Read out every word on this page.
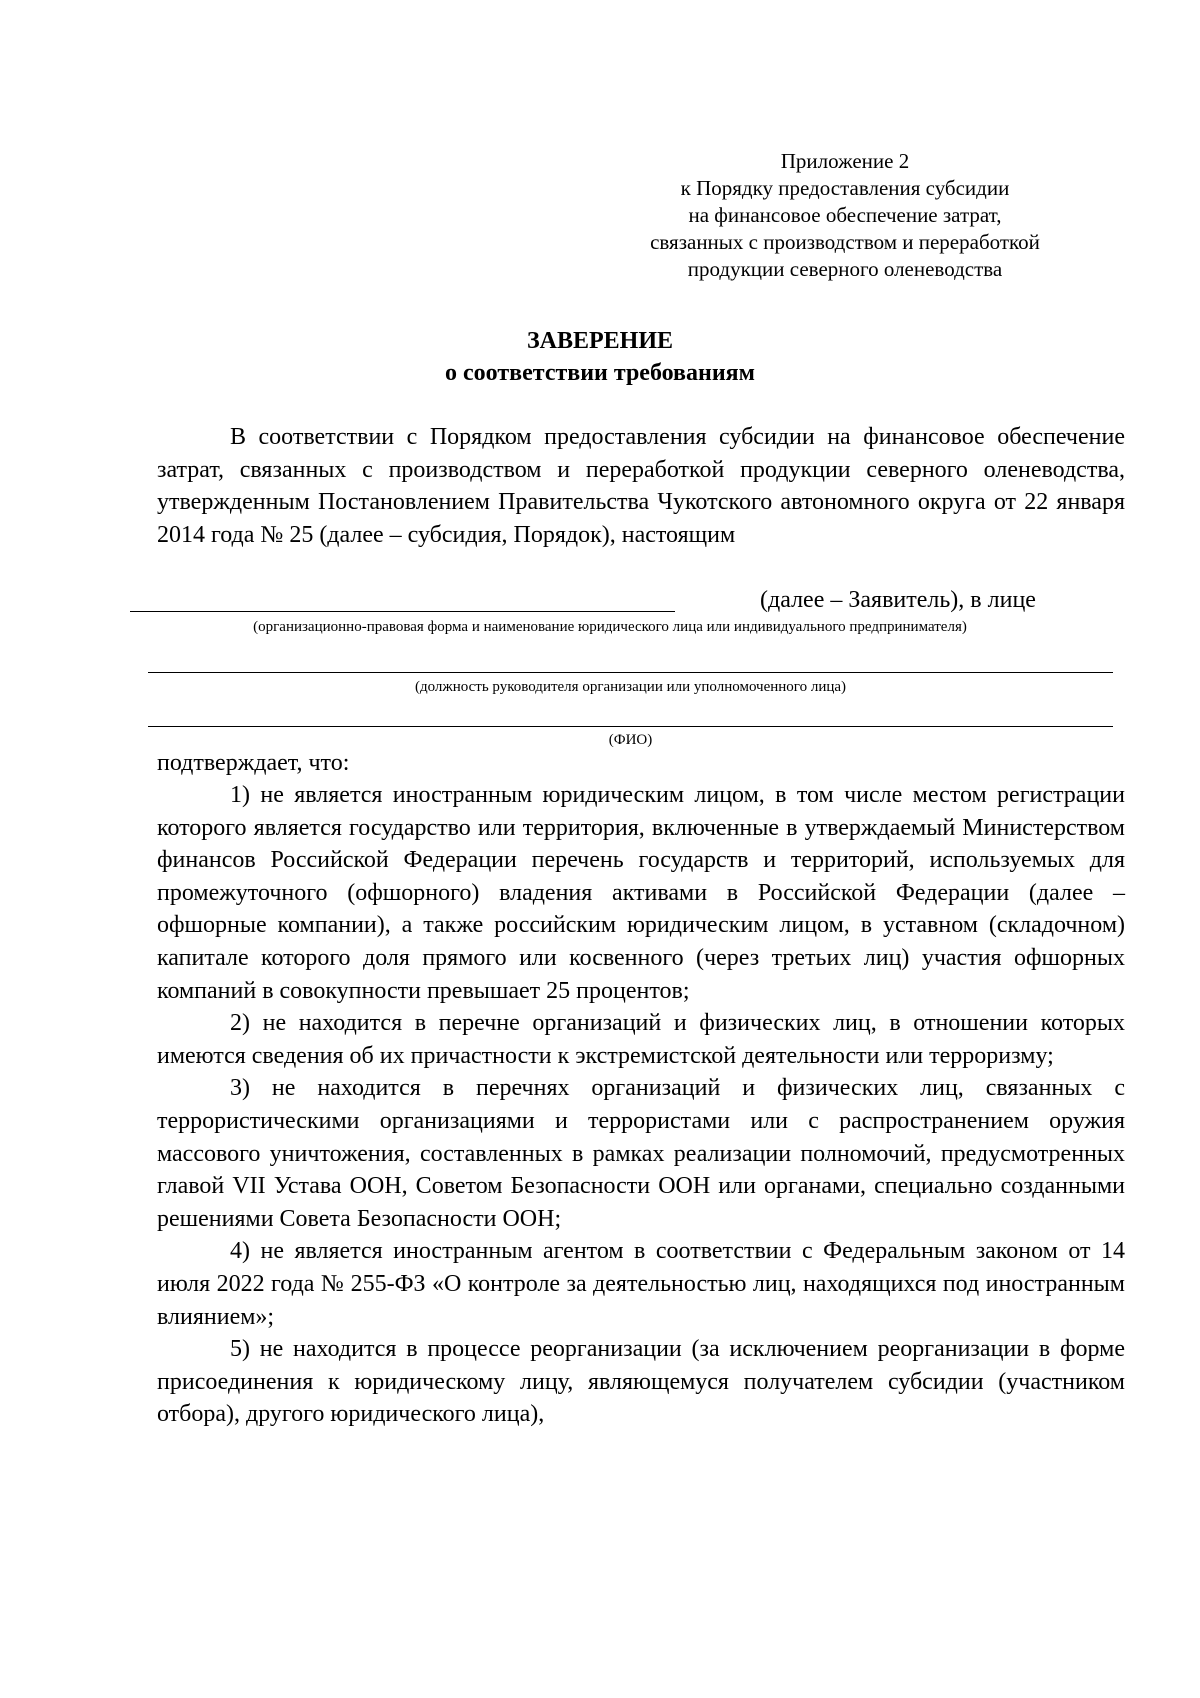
Приложение 2
к Порядку предоставления субсидии
на финансовое обеспечение затрат,
связанных с производством и переработкой
продукции северного оленеводства
ЗАВЕРЕНИЕ
о соответствии требованиям
В соответствии с Порядком предоставления субсидии на финансовое обеспечение затрат, связанных с производством и переработкой продукции северного оленеводства, утвержденным Постановлением Правительства Чукотского автономного округа от 22 января 2014 года № 25 (далее – субсидия, Порядок), настоящим
(далее – Заявитель), в лице
(организационно-правовая форма и наименование юридического лица или индивидуального предпринимателя)
(должность руководителя организации или уполномоченного лица)
(ФИО)
подтверждает, что:

1) не является иностранным юридическим лицом, в том числе местом регистрации которого является государство или территория, включенные в утверждаемый Министерством финансов Российской Федерации перечень государств и территорий, используемых для промежуточного (офшорного) владения активами в Российской Федерации (далее – офшорные компании), а также российским юридическим лицом, в уставном (складочном) капитале которого доля прямого или косвенного (через третьих лиц) участия офшорных компаний в совокупности превышает 25 процентов;

2) не находится в перечне организаций и физических лиц, в отношении которых имеются сведения об их причастности к экстремистской деятельности или терроризму;

3) не находится в перечнях организаций и физических лиц, связанных с террористическими организациями и террористами или с распространением оружия массового уничтожения, составленных в рамках реализации полномочий, предусмотренных главой VII Устава ООН, Советом Безопасности ООН или органами, специально созданными решениями Совета Безопасности ООН;

4) не является иностранным агентом в соответствии с Федеральным законом от 14 июля 2022 года № 255-ФЗ «О контроле за деятельностью лиц, находящихся под иностранным влиянием»;

5) не находится в процессе реорганизации (за исключением реорганизации в форме присоединения к юридическому лицу, являющемуся получателем субсидии (участником отбора), другого юридического лица),
